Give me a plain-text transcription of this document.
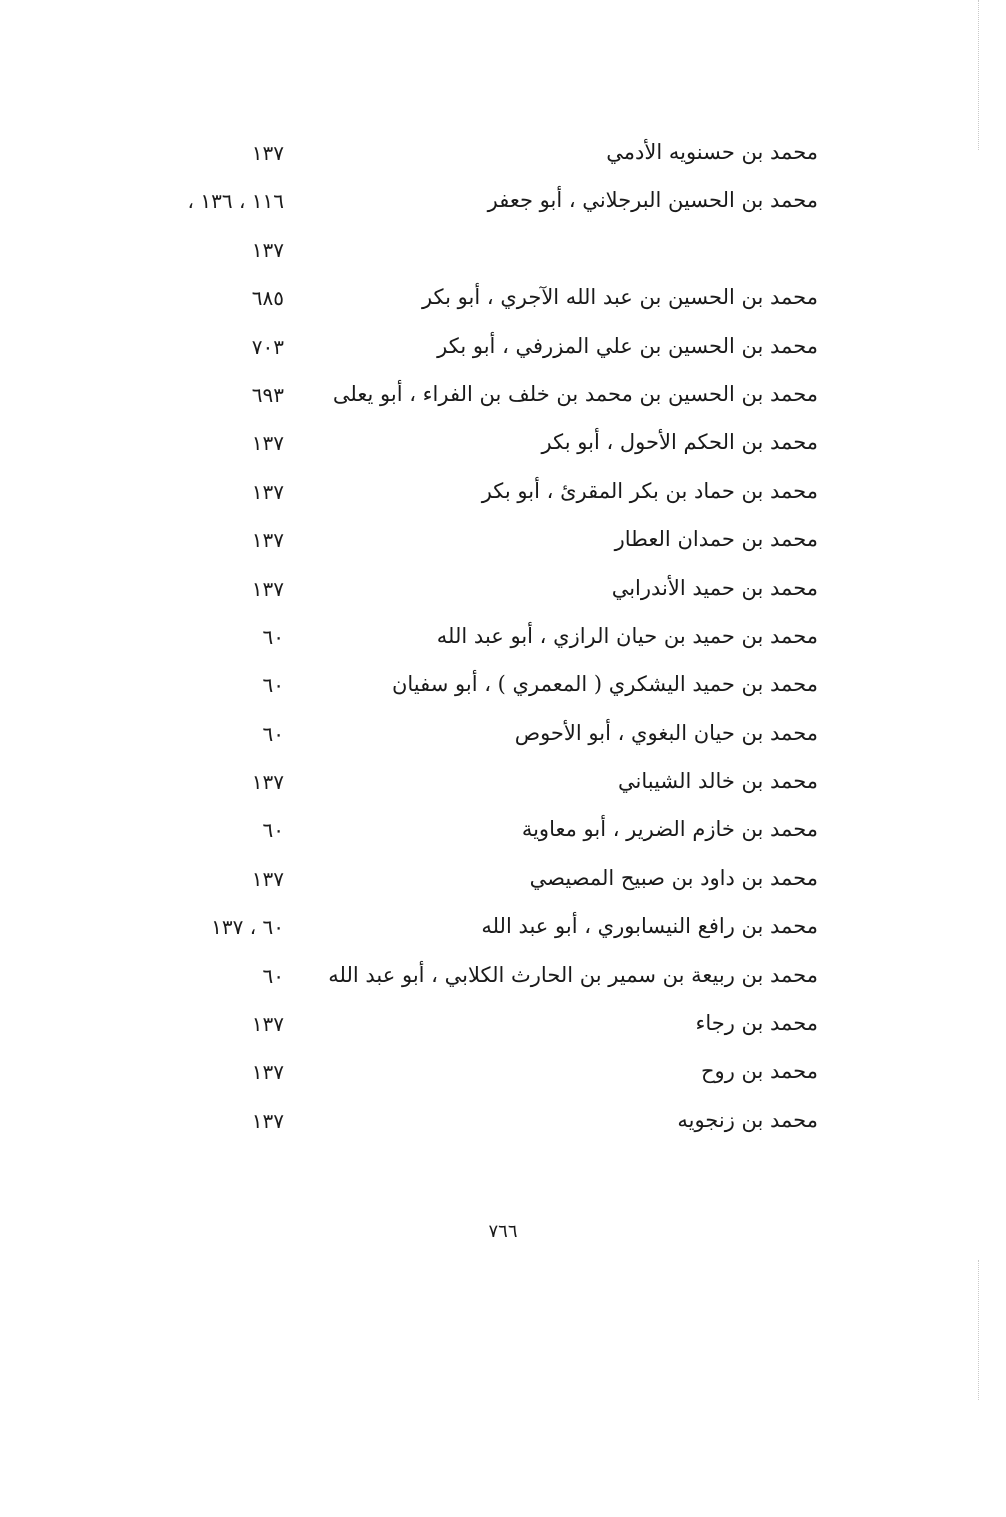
محمد بن حسنويه الأدمي
١٣٧
محمد بن الحسين البرجلاني ، أبو جعفر
١١٦ ، ١٣٦ ،
١٣٧
محمد بن الحسين بن عبد الله الآجري ، أبو بكر
٦٨٥
محمد بن الحسين بن علي المزرفي ، أبو بكر
٧٠٣
محمد بن الحسين بن محمد بن خلف بن الفراء ، أبو يعلى
٦٩٣
محمد بن الحكم الأحول ، أبو بكر
١٣٧
محمد بن حماد بن بكر المقرئ ، أبو بكر
١٣٧
محمد بن حمدان العطار
١٣٧
محمد بن حميد الأندرابي
١٣٧
محمد بن حميد بن حيان الرازي ، أبو عبد الله
٦٠
محمد بن حميد اليشكري ( المعمري ) ، أبو سفيان
٦٠
محمد بن حيان البغوي ، أبو الأحوص
٦٠
محمد بن خالد الشيباني
١٣٧
محمد بن خازم الضرير ، أبو معاوية
٦٠
محمد بن داود بن صبيح المصيصي
١٣٧
محمد بن رافع النيسابوري ، أبو عبد الله
٦٠ ، ١٣٧
محمد بن ربيعة بن سمير بن الحارث الكلابي ، أبو عبد الله
٦٠
محمد بن رجاء
١٣٧
محمد بن روح
١٣٧
محمد بن زنجويه
١٣٧
٧٦٦
